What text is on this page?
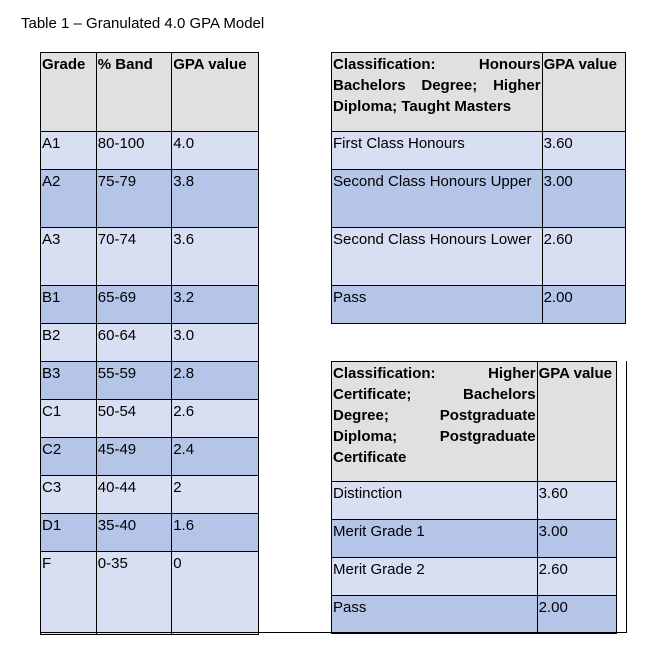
Table 1 – Granulated 4.0 GPA Model
Grade	% Band	GPA value
A1	80-100	4.0
A2	75-79	3.8
A3	70-74	3.6
B1	65-69	3.2
B2	60-64	3.0
B3	55-59	2.8
C1	50-54	2.6
C2	45-49	2.4
C3	40-44	2
D1	35-40	1.6
F	0-35	0
Classification: Honours
Bachelors Degree; Higher
Diploma; Taught Masters	GPA value
First Class Honours	3.60
Second Class Honours Upper	3.00
Second Class Honours Lower	2.60
Pass	2.00
Classification: Higher
Certificate; Bachelors
Degree; Postgraduate
Diploma; Postgraduate
Certificate	GPA value
Distinction	3.60
Merit Grade 1	3.00
Merit Grade 2	2.60
Pass	2.00
